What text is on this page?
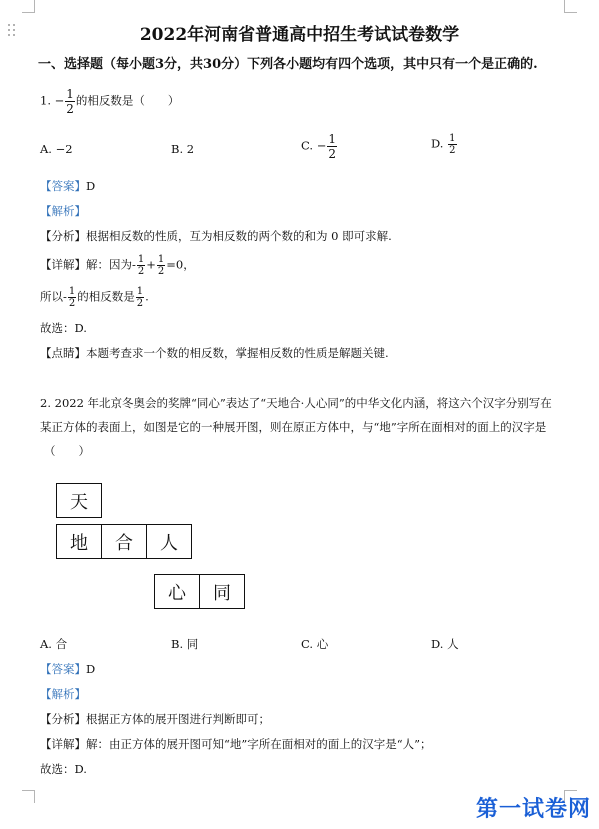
2022年河南省普通高中招生考试试卷数学
一、选择题（每小题3分，共30分）下列各小题均有四个选项，其中只有一个是正确的.
1. − $\frac{1}{2}$ 的相反数是（　　）
A. −2	B. 2	C. − $\frac{1}{2}$	D. $\frac{1}{2}$
【答案】D
【解析】
【分析】根据相反数的性质，互为相反数的两个数的和为 0 即可求解.
【详解】解：因为- $\frac{1}{2} + \frac{1}{2} =0$，
所以- $\frac{1}{2}$ 的相反数是 $\frac{1}{2}$ .
故选：D.
【点睛】本题考查求一个数的相反数，掌握相反数的性质是解题关键.
2. 2022 年北京冬奥会的奖牌“同心”表达了“天地合·人心同”的中华文化内涵，将这六个汉字分别写在
某正方体的表面上，如图是它的一种展开图，则在原正方体中，与“地”字所在面相对的面上的汉字是
（　　）
天
地	合	人
心	同
A. 合	B. 同	C. 心	D. 人
【答案】D
【解析】
【分析】根据正方体的展开图进行判断即可；
【详解】解：由正方体的展开图可知“地”字所在面相对的面上的汉字是“人”；
故选：D.
第一试卷网
